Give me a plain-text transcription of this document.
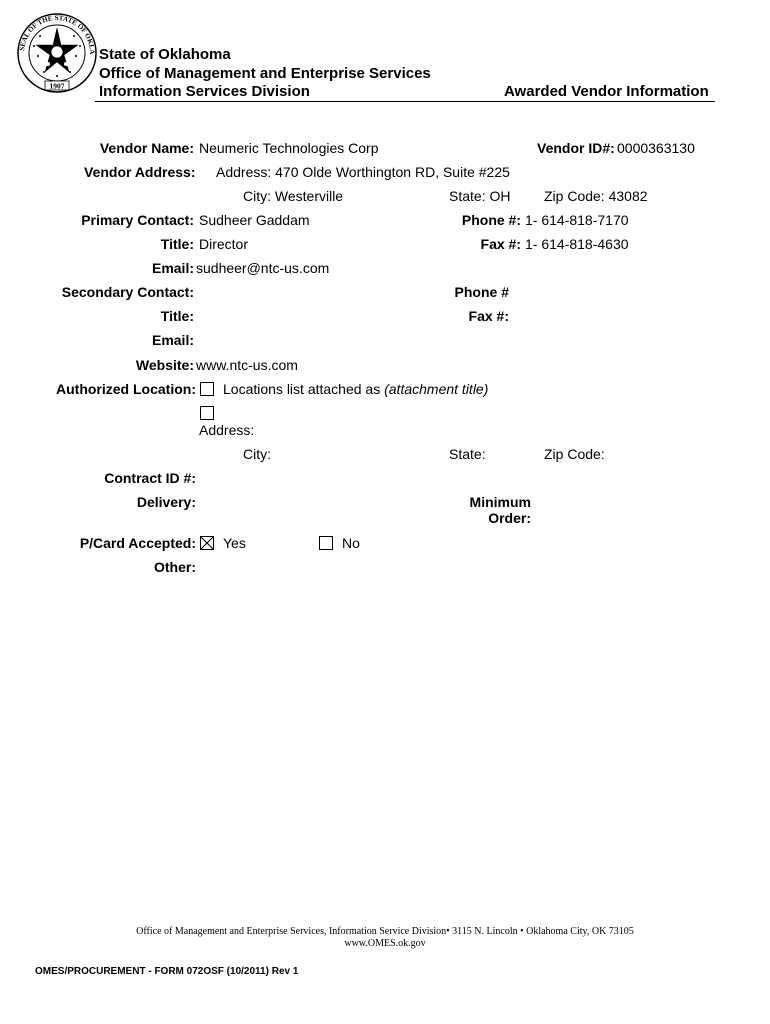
SEAL OF THE STATE OF OKLA
1907
State of Oklahoma
Office of Management and Enterprise Services
Information Services Division	Awarded Vendor Information
Vendor Name: Neumeric Technologies Corp	Vendor ID#: 0000363130
Vendor Address: Address: 470 Olde Worthington RD, Suite #225
City: Westerville	State: OH Zip Code: 43082
Primary Contact: Sudheer Gaddam	Phone #: 1- 614-818-7170
Title: Director	Fax #: 1- 614-818-4630
Email: sudheer@ntc-us.com
Secondary Contact:	Phone #
Title:	Fax #:
Email:
Website: www.ntc-us.com
Authorized Location: Locations list attached as (attachment title)
Address:
City:	State:	Zip Code:
Contract ID #:
Delivery:	Minimum
Order:
P/Card Accepted: Yes	No
Other:
Office of Management and Enterprise Services, Information Service Division• 3115 N. Lincoln • Oklahoma City, OK 73105
www.OMES.ok.gov
OMES/PROCUREMENT - FORM 072OSF (10/2011) Rev 1
